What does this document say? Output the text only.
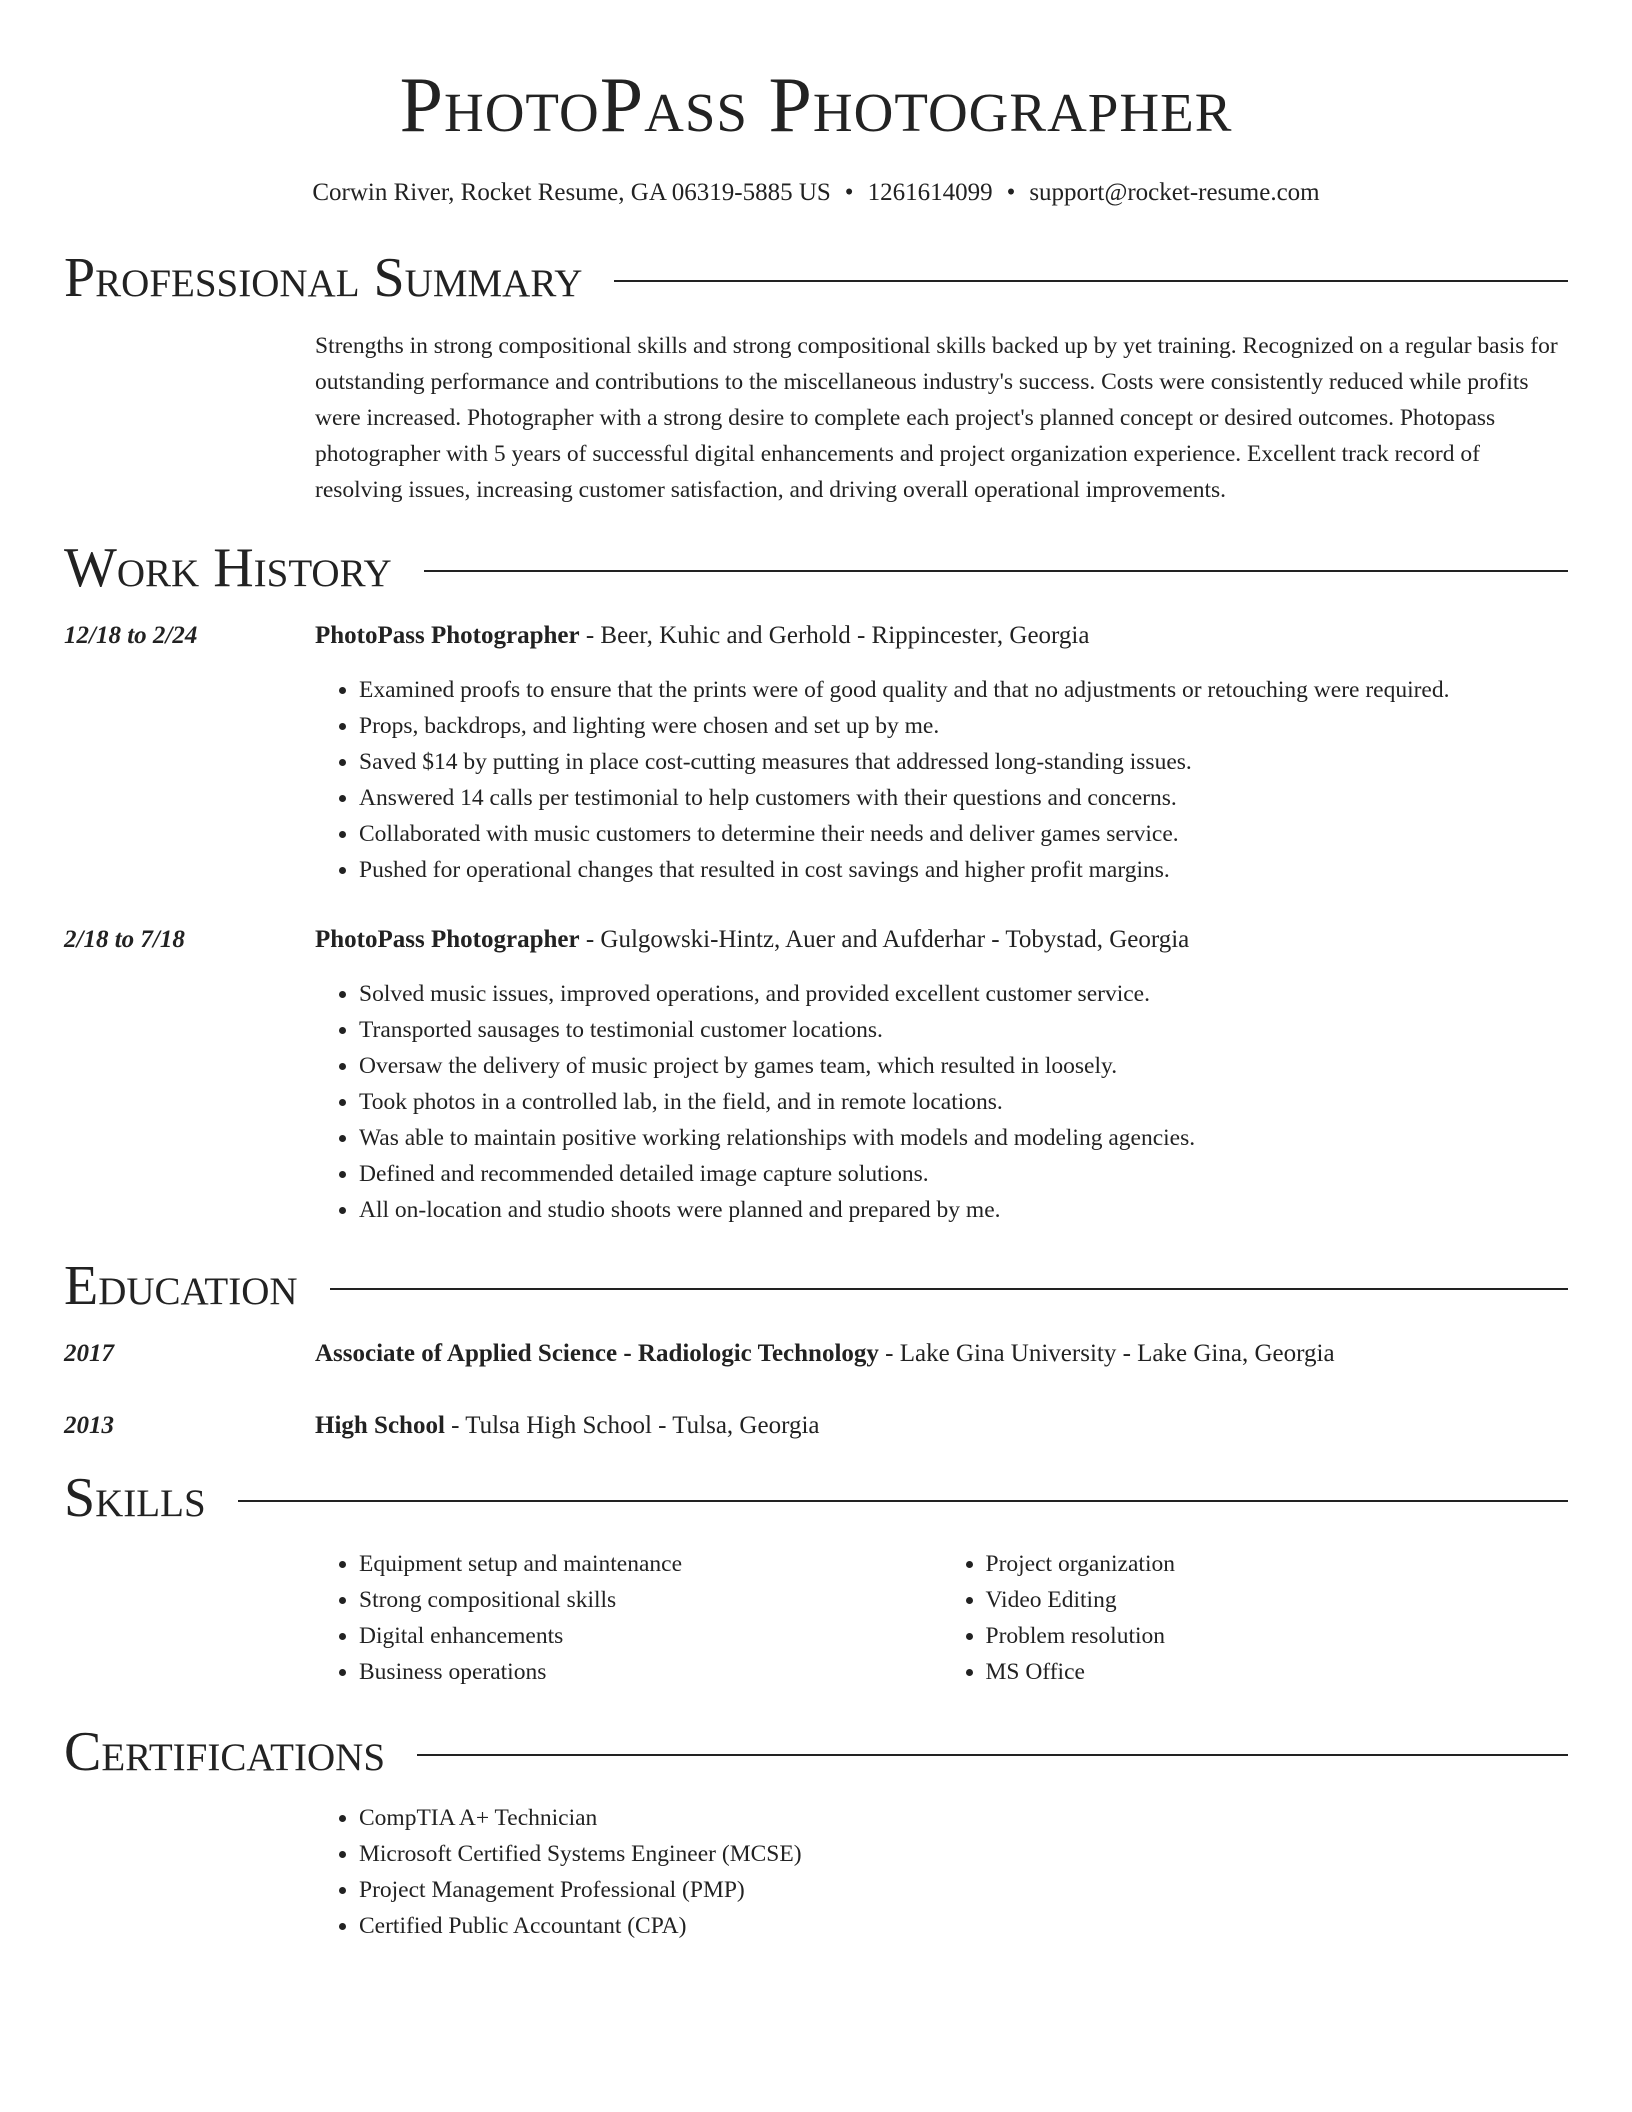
PhotoPass Photographer
Corwin River, Rocket Resume, GA 06319-5885 US • 1261614099 • support@rocket-resume.com
Professional Summary
Strengths in strong compositional skills and strong compositional skills backed up by yet training. Recognized on a regular basis for outstanding performance and contributions to the miscellaneous industry's success. Costs were consistently reduced while profits were increased. Photographer with a strong desire to complete each project's planned concept or desired outcomes. Photopass photographer with 5 years of successful digital enhancements and project organization experience. Excellent track record of resolving issues, increasing customer satisfaction, and driving overall operational improvements.
Work History
12/18 to 2/24	PhotoPass Photographer - Beer, Kuhic and Gerhold - Rippincester, Georgia
• Examined proofs to ensure that the prints were of good quality and that no adjustments or retouching were required.
• Props, backdrops, and lighting were chosen and set up by me.
• Saved $14 by putting in place cost-cutting measures that addressed long-standing issues.
• Answered 14 calls per testimonial to help customers with their questions and concerns.
• Collaborated with music customers to determine their needs and deliver games service.
• Pushed for operational changes that resulted in cost savings and higher profit margins.
2/18 to 7/18	PhotoPass Photographer - Gulgowski-Hintz, Auer and Aufderhar - Tobystad, Georgia
• Solved music issues, improved operations, and provided excellent customer service.
• Transported sausages to testimonial customer locations.
• Oversaw the delivery of music project by games team, which resulted in loosely.
• Took photos in a controlled lab, in the field, and in remote locations.
• Was able to maintain positive working relationships with models and modeling agencies.
• Defined and recommended detailed image capture solutions.
• All on-location and studio shoots were planned and prepared by me.
Education
2017	Associate of Applied Science - Radiologic Technology - Lake Gina University - Lake Gina, Georgia
2013	High School - Tulsa High School - Tulsa, Georgia
Skills
• Equipment setup and maintenance
• Strong compositional skills
• Digital enhancements
• Business operations
• Project organization
• Video Editing
• Problem resolution
• MS Office
Certifications
• CompTIA A+ Technician
• Microsoft Certified Systems Engineer (MCSE)
• Project Management Professional (PMP)
• Certified Public Accountant (CPA)
